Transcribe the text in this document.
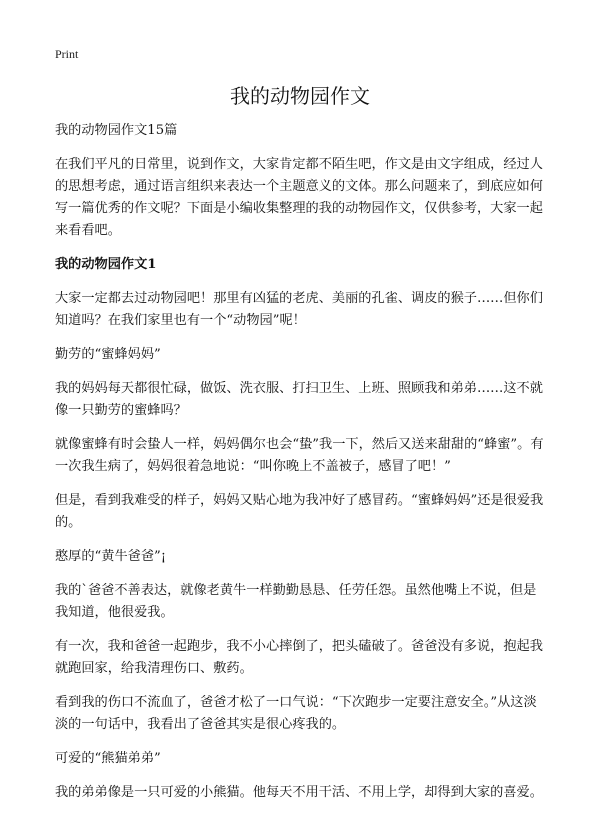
Print
我的动物园作文

我的动物园作文15篇

在我们平凡的日常里，说到作文，大家肯定都不陌生吧，作文是由文字组成，经过人的思想考虑，通过语言组织来表达一个主题意义的文体。那么问题来了，到底应如何写一篇优秀的作文呢？下面是小编收集整理的我的动物园作文，仅供参考，大家一起来看看吧。

我的动物园作文1

大家一定都去过动物园吧！那里有凶猛的老虎、美丽的孔雀、调皮的猴子……但你们知道吗？在我们家里也有一个“动物园”呢！

勤劳的“蜜蜂妈妈”

我的妈妈每天都很忙碌，做饭、洗衣服、打扫卫生、上班、照顾我和弟弟……这不就像一只勤劳的蜜蜂吗？

就像蜜蜂有时会蛰人一样，妈妈偶尔也会“蛰”我一下，然后又送来甜甜的“蜂蜜”。有一次我生病了，妈妈很着急地说：“叫你晚上不盖被子，感冒了吧！”

但是，看到我难受的样子，妈妈又贴心地为我冲好了感冒药。“蜜蜂妈妈”还是很爱我的。

憨厚的“黄牛爸爸”¡

我的`爸爸不善表达，就像老黄牛一样勤勤恳恳、任劳任怨。虽然他嘴上不说，但是我知道，他很爱我。

有一次，我和爸爸一起跑步，我不小心摔倒了，把头磕破了。爸爸没有多说，抱起我就跑回家，给我清理伤口、敷药。

看到我的伤口不流血了，爸爸才松了一口气说：“下次跑步一定要注意安全。”从这淡淡的一句话中，我看出了爸爸其实是很心疼我的。

可爱的“熊猫弟弟”

我的弟弟像是一只可爱的小熊猫。他每天不用干活、不用上学，却得到大家的喜爱。
